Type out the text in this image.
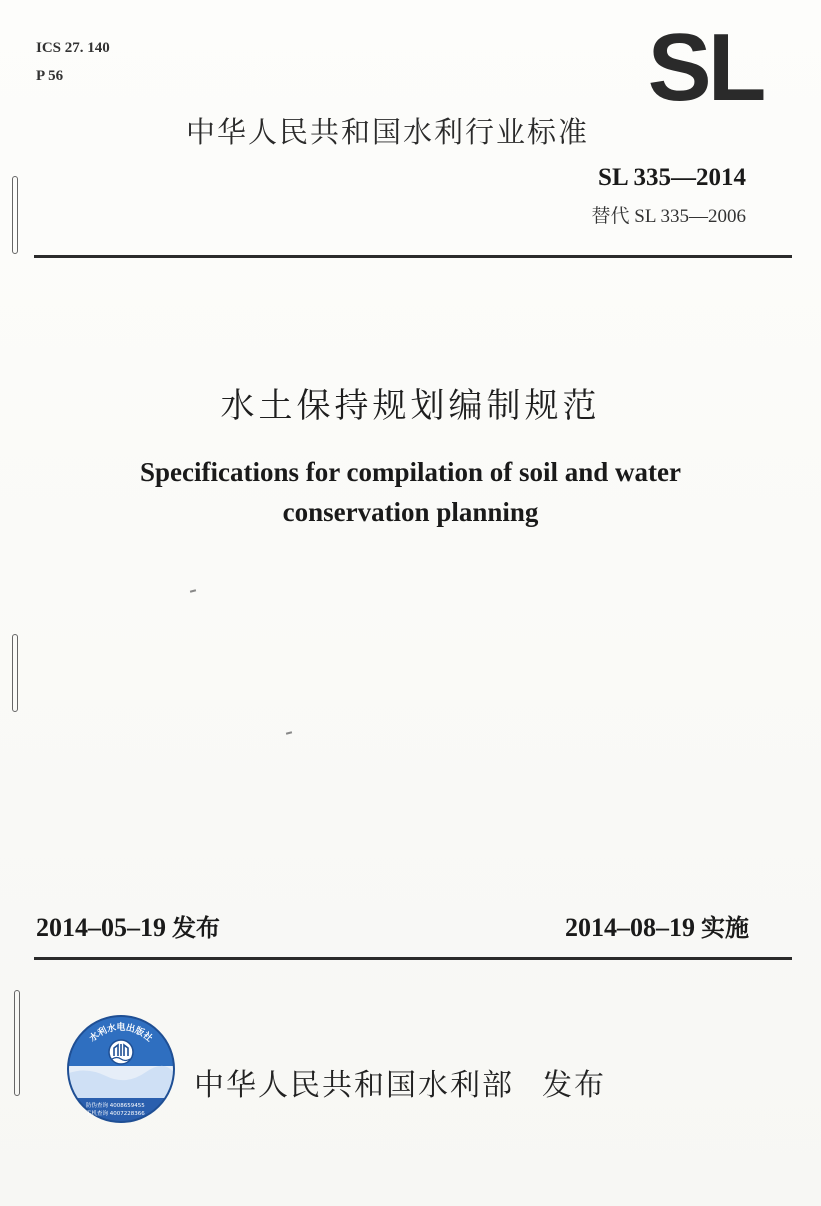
ICS 27. 140
P 56	SL
中华人民共和国水利行业标准
SL 335—2014
替代 SL 335—2006
水土保持规划编制规范
Specifications for compilation of soil and water
conservation planning
2014–05–19 发布	2014–08–19 实施
水利水电出版社
防伪查询 4008659455
手机查询 4007228366
中华人民共和国水利部 发布
